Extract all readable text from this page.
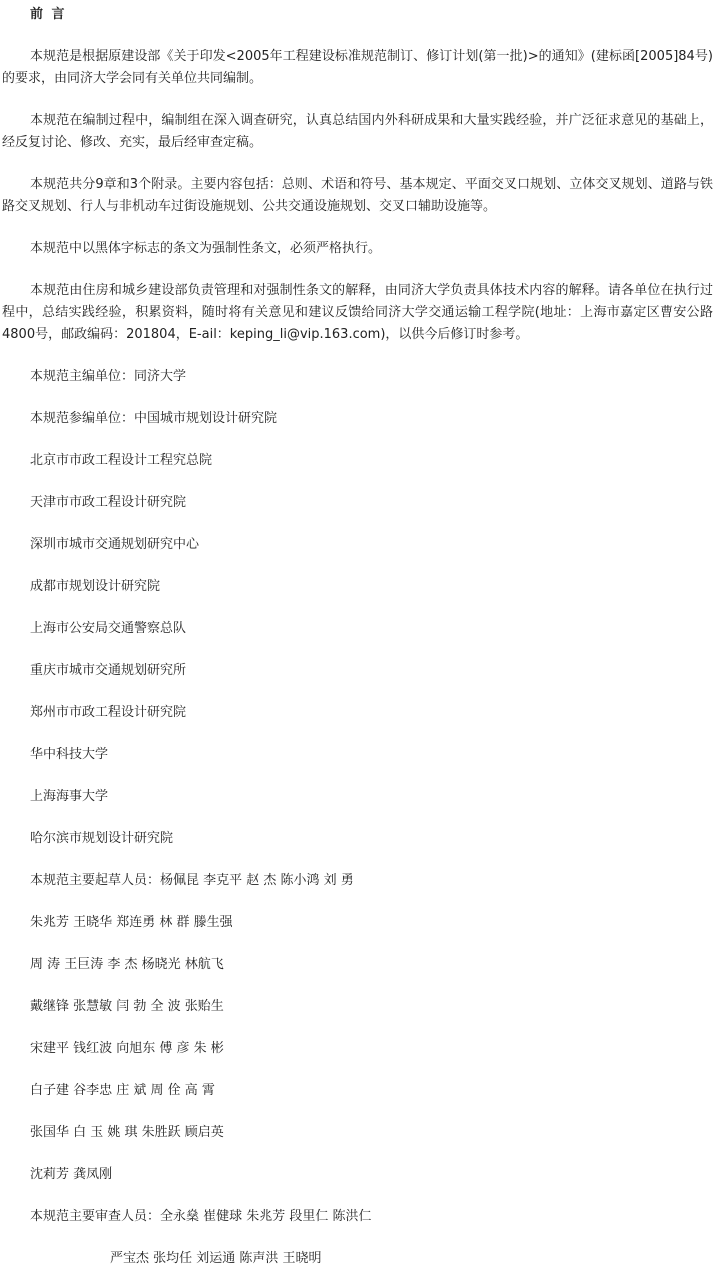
前 言
本规范是根据原建设部《关于印发<2005年工程建设标准规范制订、修订计划(第一批)>的通知》(建标函[2005]84号)的要求，由同济大学会同有关单位共同编制。
本规范在编制过程中，编制组在深入调查研究，认真总结国内外科研成果和大量实践经验，并广泛征求意见的基础上，经反复讨论、修改、充实，最后经审查定稿。
本规范共分9章和3个附录。主要内容包括：总则、术语和符号、基本规定、平面交叉口规划、立体交叉规划、道路与铁路交叉规划、行人与非机动车过街设施规划、公共交通设施规划、交叉口辅助设施等。
本规范中以黑体字标志的条文为强制性条文，必须严格执行。
本规范由住房和城乡建设部负责管理和对强制性条文的解释，由同济大学负责具体技术内容的解释。请各单位在执行过程中，总结实践经验，积累资料，随时将有关意见和建议反馈给同济大学交通运输工程学院(地址：上海市嘉定区曹安公路4800号，邮政编码：201804，E-ail：keping_li@vip.163.com)，以供今后修订时参考。
本规范主编单位：同济大学
本规范参编单位：中国城市规划设计研究院
北京市市政工程设计工程究总院
天津市市政工程设计研究院
深圳市城市交通规划研究中心
成都市规划设计研究院
上海市公安局交通警察总队
重庆市城市交通规划研究所
郑州市市政工程设计研究院
华中科技大学
上海海事大学
哈尔滨市规划设计研究院
本规范主要起草人员：杨佩昆 李克平 赵 杰 陈小鸿 刘 勇
朱兆芳 王晓华 郑连勇 林 群 滕生强
周 涛 王巨涛 李 杰 杨晓光 林航飞
戴继锋 张慧敏 闫 勃 全 波 张贻生
宋建平 钱红波 向旭东 傅 彦 朱 彬
白子建 谷李忠 庄 斌 周 佺 高 霄
张国华 白 玉 姚 琪 朱胜跃 顾启英
沈莉芳 龚凤刚
本规范主要审查人员：全永燊 崔健球 朱兆芳 段里仁 陈洪仁
严宝杰 张均任 刘运通 陈声洪 王晓明
